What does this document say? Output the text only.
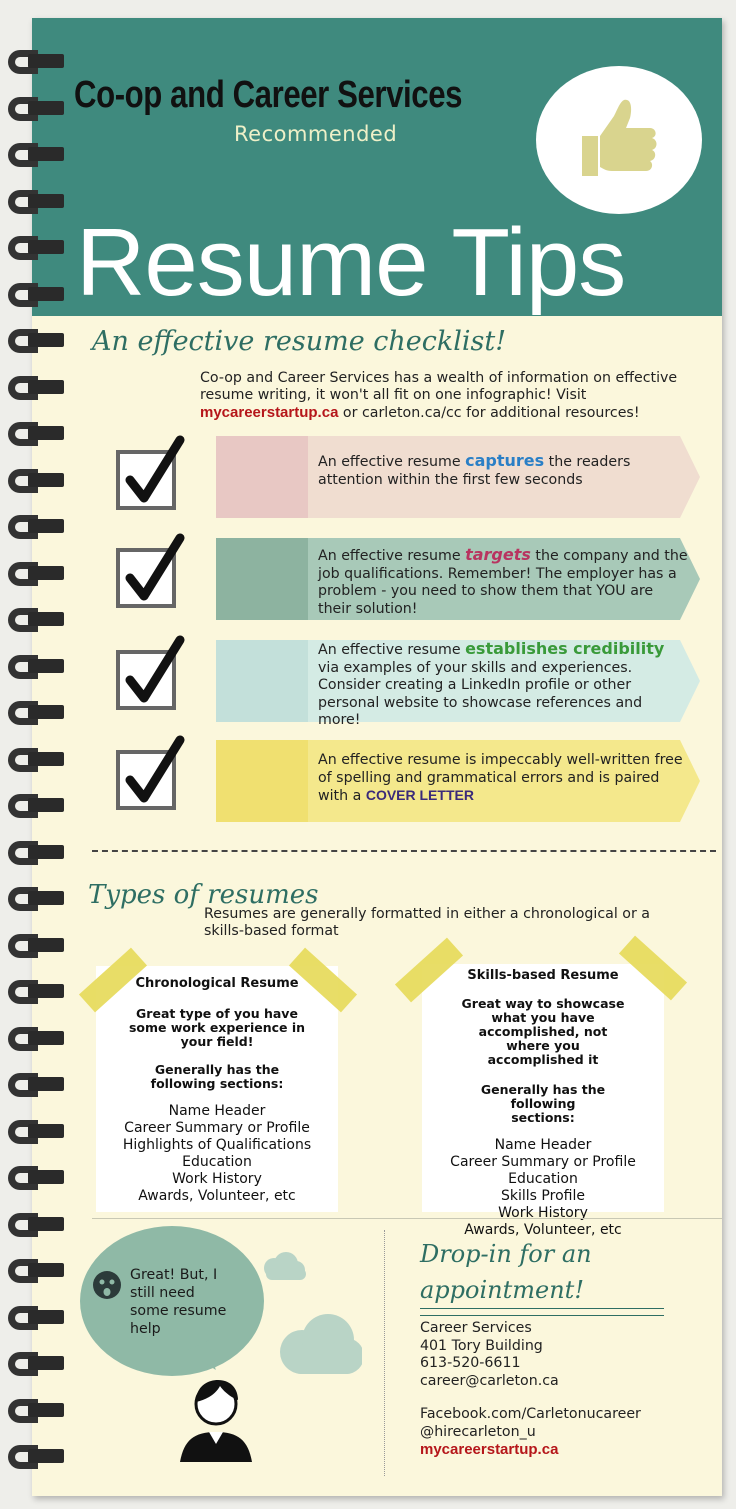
Co-op and Career Services
Recommended
Resume Tips
An effective resume checklist!
Co-op and Career Services has a wealth of information on effective resume writing, it won't all fit on one infographic! Visit mycareerstartup.ca or carleton.ca/cc for additional resources!
An effective resume captures the readers attention within the first few seconds
An effective resume targets the company and the job qualifications. Remember! The employer has a problem - you need to show them that YOU are their solution!
An effective resume establishes credibility via examples of your skills and experiences. Consider creating a LinkedIn profile or other personal website to showcase references and more!
An effective resume is impeccably well-written free of spelling and grammatical errors and is paired with a COVER LETTER
Types of resumes
Resumes are generally formatted in either a chronological or a skills-based format
Chronological Resume
Great type of you have some work experience in your field!
Generally has the following sections:
Name Header
Career Summary or Profile
Highlights of Qualifications
Education
Work History
Awards, Volunteer, etc
Skills-based Resume
Great way to showcase what you have accomplished, not where you accomplished it
Generally has the following sections:
Name Header
Career Summary or Profile
Education
Skills Profile
Work History
Awards, Volunteer, etc
Great! But, I still need some resume help
Drop-in for an appointment!
Career Services
401 Tory Building
613-520-6611
career@carleton.ca
Facebook.com/Carletonucareer
@hirecarleton_u
mycareerstartup.ca
